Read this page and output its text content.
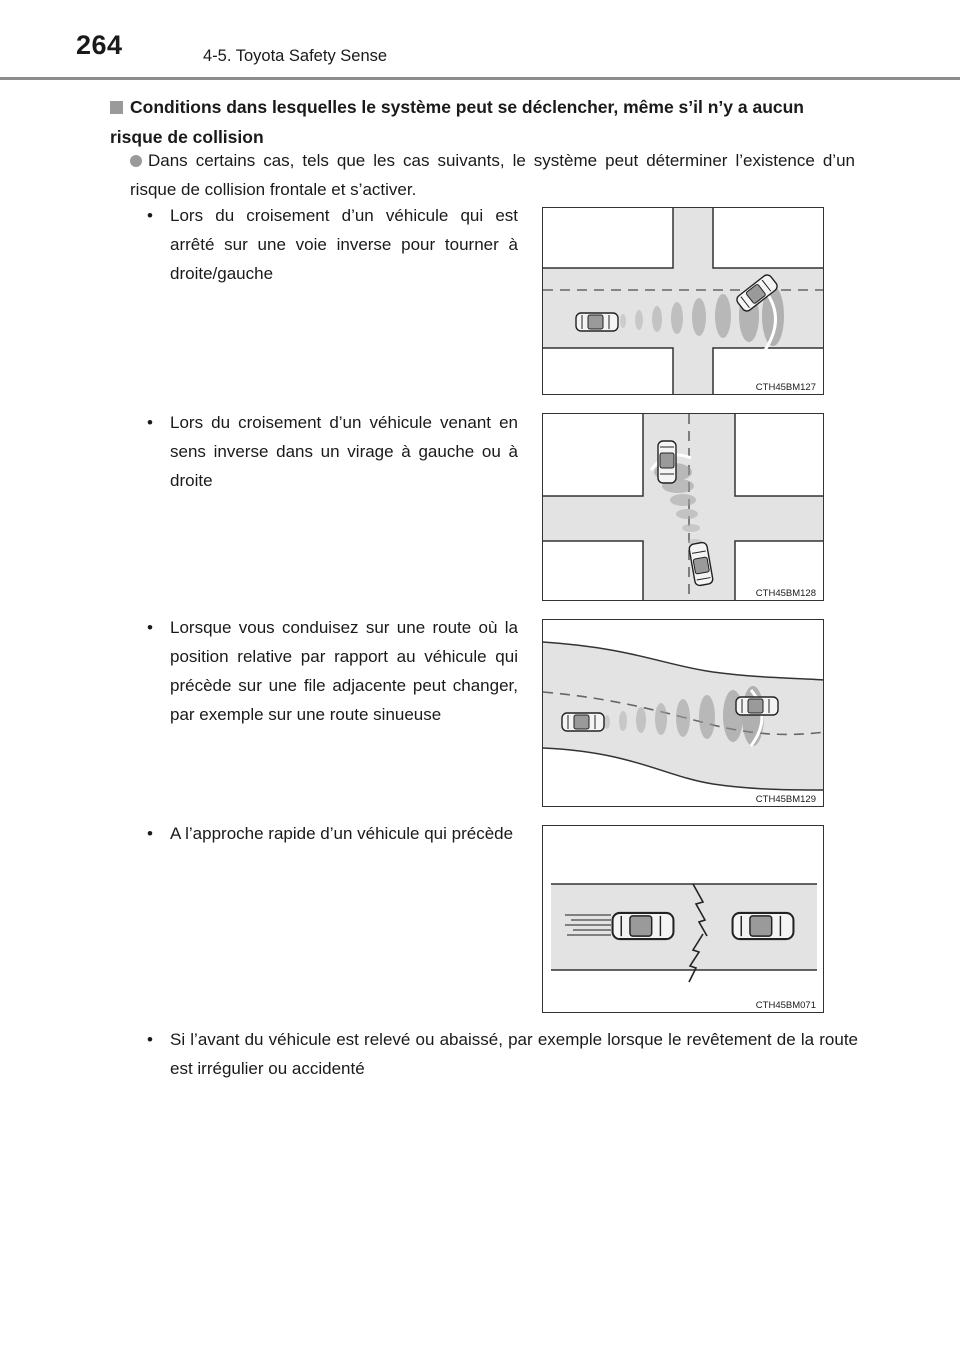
264	4-5. Toyota Safety Sense
Conditions dans lesquelles le système peut se déclencher, même s’il n’y a aucun risque de collision
Dans certains cas, tels que les cas suivants, le système peut déterminer l’existence d’un risque de collision frontale et s’activer.
•	Lors du croisement d’un véhicule qui est arrêté sur une voie inverse pour tourner à droite/gauche
CTH45BM127
•	Lors du croisement d’un véhicule venant en sens inverse dans un virage à gauche ou à droite
CTH45BM128
•	Lorsque vous conduisez sur une route où la position relative par rapport au véhicule qui précède sur une file adjacente peut changer, par exemple sur une route sinueuse
CTH45BM129
•	A l’approche rapide d’un véhicule qui précède
CTH45BM071
•	Si l’avant du véhicule est relevé ou abaissé, par exemple lorsque le revêtement de la route est irrégulier ou accidenté
